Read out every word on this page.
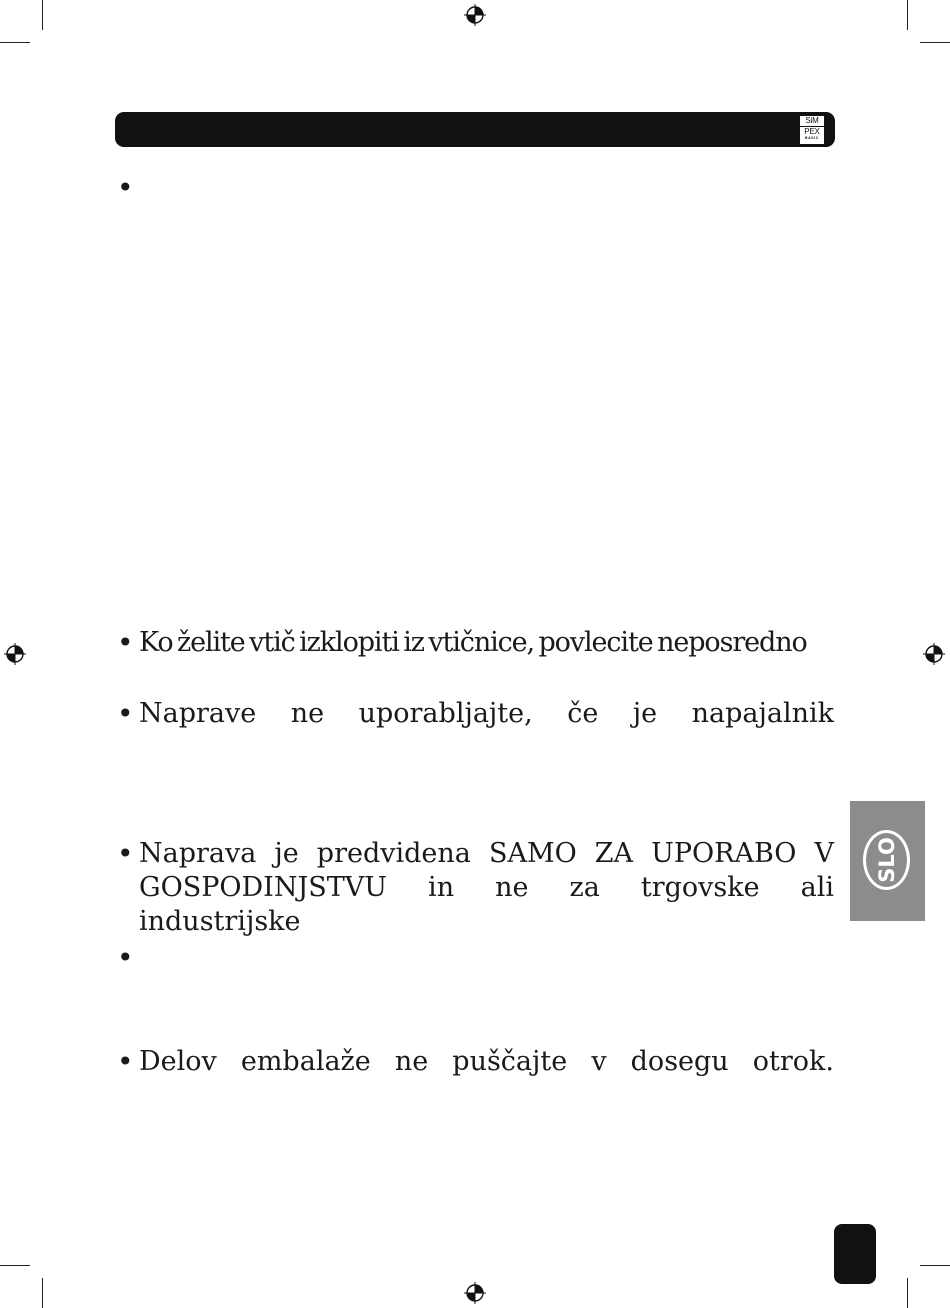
SiM
PEX
BASIC
•
• Ko želite vtič izklopiti iz vtičnice, povlecite neposredno
• Naprave ne uporabljajte, če je napajalnik
• Naprava je predvidena SAMO ZA UPORABO V
GOSPODINJSTVU in ne za trgovske ali industrijske
•
• Delov embalaže ne puščajte v dosegu otrok.
SLO
